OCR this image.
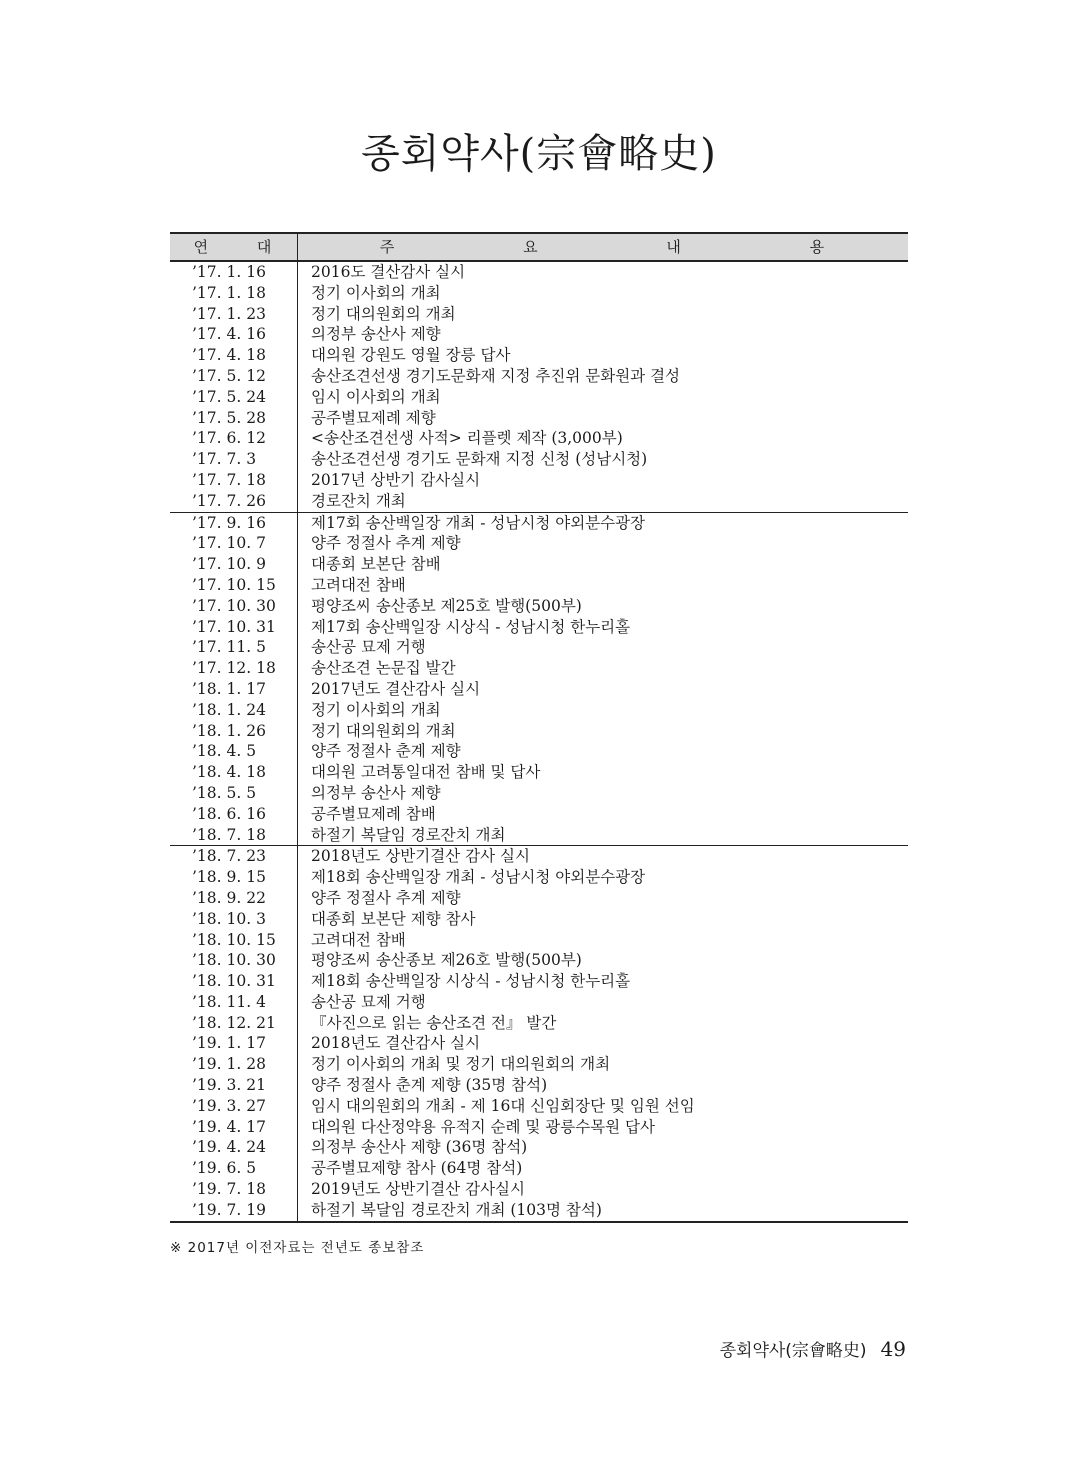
종회약사(宗會略史)
연 대	주 요 내 용
’17. 1. 16	2016도 결산감사 실시
’17. 1. 18	정기 이사회의 개최
’17. 1. 23	정기 대의원회의 개최
’17. 4. 16	의정부 송산사 제향
’17. 4. 18	대의원 강원도 영월 장릉 답사
’17. 5. 12	송산조견선생 경기도문화재 지정 추진위 문화원과 결성
’17. 5. 24	임시 이사회의 개최
’17. 5. 28	공주별묘제례 제향
’17. 6. 12	<송산조견선생 사적> 리플렛 제작 (3,000부)
’17. 7. 3	송산조견선생 경기도 문화재 지정 신청 (성남시청)
’17. 7. 18	2017년 상반기 감사실시
’17. 7. 26	경로잔치 개최
’17. 9. 16	제17회 송산백일장 개최 - 성남시청 야외분수광장
’17. 10. 7	양주 정절사 추계 제향
’17. 10. 9	대종회 보본단 참배
’17. 10. 15	고려대전 참배
’17. 10. 30	평양조씨 송산종보 제25호 발행(500부)
’17. 10. 31	제17회 송산백일장 시상식 - 성남시청 한누리홀
’17. 11. 5	송산공 묘제 거행
’17. 12. 18	송산조견 논문집 발간
’18. 1. 17	2017년도 결산감사 실시
’18. 1. 24	정기 이사회의 개최
’18. 1. 26	정기 대의원회의 개최
’18. 4. 5	양주 정절사 춘계 제향
’18. 4. 18	대의원 고려통일대전 참배 및 답사
’18. 5. 5	의정부 송산사 제향
’18. 6. 16	공주별묘제례 참배
’18. 7. 18	하절기 복달임 경로잔치 개최
’18. 7. 23	2018년도 상반기결산 감사 실시
’18. 9. 15	제18회 송산백일장 개최 - 성남시청 야외분수광장
’18. 9. 22	양주 정절사 추계 제향
’18. 10. 3	대종회 보본단 제향 참사
’18. 10. 15	고려대전 참배
’18. 10. 30	평양조씨 송산종보 제26호 발행(500부)
’18. 10. 31	제18회 송산백일장 시상식 - 성남시청 한누리홀
’18. 11. 4	송산공 묘제 거행
’18. 12. 21	『사진으로 읽는 송산조견 전』 발간
’19. 1. 17	2018년도 결산감사 실시
’19. 1. 28	정기 이사회의 개최 및 정기 대의원회의 개최
’19. 3. 21	양주 정절사 춘계 제향 (35명 참석)
’19. 3. 27	임시 대의원회의 개최 - 제 16대 신임회장단 및 임원 선임
’19. 4. 17	대의원 다산정약용 유적지 순례 및 광릉수목원 답사
’19. 4. 24	의정부 송산사 제향 (36명 참석)
’19. 6. 5	공주별묘제향 참사 (64명 참석)
’19. 7. 18	2019년도 상반기결산 감사실시
’19. 7. 19	하절기 복달임 경로잔치 개최 (103명 참석)
※ 2017년 이전자료는 전년도 종보참조
종회약사(宗會略史) 49
